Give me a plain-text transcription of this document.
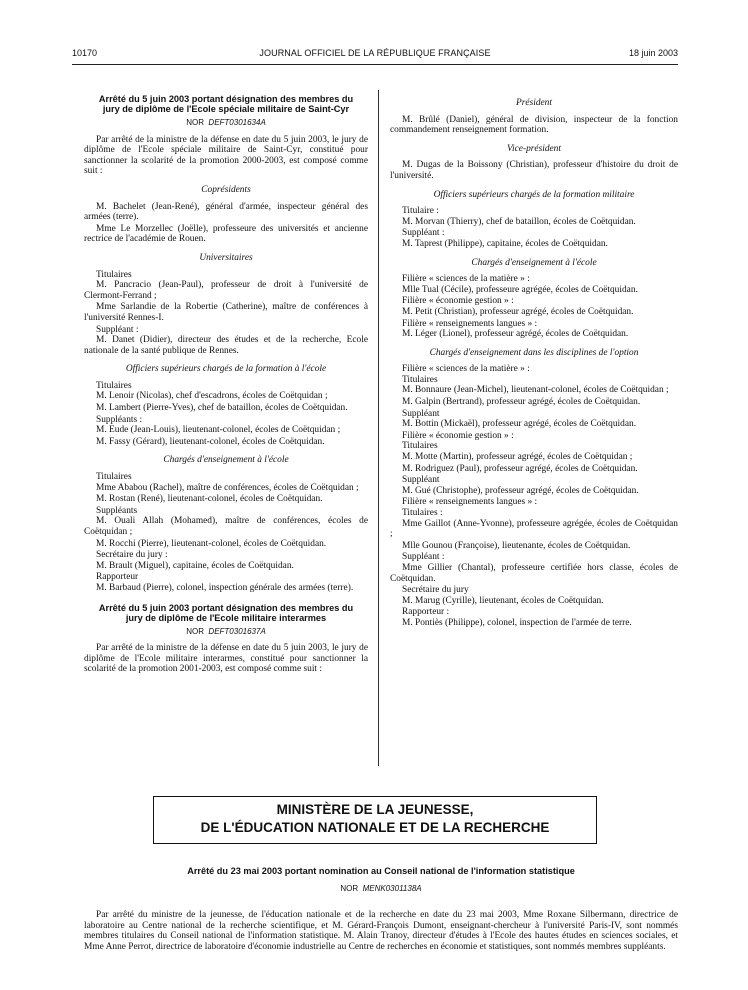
10170	JOURNAL OFFICIEL DE LA RÉPUBLIQUE FRANÇAISE	18 juin 2003
Arrêté du 5 juin 2003 portant désignation des membres du jury de diplôme de l'Ecole spéciale militaire de Saint-Cyr
NOR DEFT0301634A

Par arrêté de la ministre de la défense en date du 5 juin 2003, le jury de diplôme de l'Ecole spéciale militaire de Saint-Cyr, constitué pour sanctionner la scolarité de la promotion 2000-2003, est composé comme suit :

Coprésidents

M. Bachelet (Jean-René), général d'armée, inspecteur général des armées (terre).

Mme Le Morzellec (Joëlle), professeure des universités et ancienne rectrice de l'académie de Rouen.

Universitaires
Titulaires

M. Pancracio (Jean-Paul), professeur de droit à l'université de Clermont-Ferrand ;

Mme Sarlandie de la Robertie (Catherine), maître de conférences à l'université Rennes-I.

Suppléant :

M. Danet (Didier), directeur des études et de la recherche, Ecole nationale de la santé publique de Rennes.

Officiers supérieurs chargés de la formation à l'école
Titulaires

M. Lenoir (Nicolas), chef d'escadrons, écoles de Coëtquidan ;

M. Lambert (Pierre-Yves), chef de bataillon, écoles de Coëtquidan.

Suppléants :

M. Eude (Jean-Louis), lieutenant-colonel, écoles de Coëtquidan ;

M. Fassy (Gérard), lieutenant-colonel, écoles de Coëtquidan.

Chargés d'enseignement à l'école
Titulaires

Mme Ababou (Rachel), maître de conférences, écoles de Coëtquidan ;

M. Rostan (René), lieutenant-colonel, écoles de Coëtquidan.

Suppléants

M. Ouali Allah (Mohamed), maître de conférences, écoles de Coëtquidan ;

M. Rocchi (Pierre), lieutenant-colonel, écoles de Coëtquidan.

Secrétaire du jury :

M. Brault (Miguel), capitaine, écoles de Coëtquidan.

Rapporteur

M. Barbaud (Pierre), colonel, inspection générale des armées (terre).

Arrêté du 5 juin 2003 portant désignation des membres du jury de diplôme de l'Ecole militaire interarmes
NOR DEFT0301637A

Par arrêté de la ministre de la défense en date du 5 juin 2003, le jury de diplôme de l'Ecole militaire interarmes, constitué pour sanctionner la scolarité de la promotion 2001-2003, est composé comme suit :

Président

M. Brûlé (Daniel), général de division, inspecteur de la fonction commandement renseignement formation.

Vice-président

M. Dugas de la Boissony (Christian), professeur d'histoire du droit de l'université.

Officiers supérieurs chargés de la formation militaire
Titulaire :

M. Morvan (Thierry), chef de bataillon, écoles de Coëtquidan.

Suppléant :

M. Taprest (Philippe), capitaine, écoles de Coëtquidan.

Chargés d'enseignement à l'école
Filière « sciences de la matière » :

Mlle Tual (Cécile), professeure agrégée, écoles de Coëtquidan.

Filière « économie gestion » :

M. Petit (Christian), professeur agrégé, écoles de Coëtquidan.

Filière « renseignements langues » :

M. Léger (Lionel), professeur agrégé, écoles de Coëtquidan.

Chargés d'enseignement dans les disciplines de l'option
Filière « sciences de la matière » :
Titulaires

M. Bonnaure (Jean-Michel), lieutenant-colonel, écoles de Coëtquidan ;

M. Galpin (Bertrand), professeur agrégé, écoles de Coëtquidan.

Suppléant

M. Bottin (Mickaël), professeur agrégé, écoles de Coëtquidan.

Filière « économie gestion » :
Titulaires

M. Motte (Martin), professeur agrégé, écoles de Coëtquidan ;

M. Rodriguez (Paul), professeur agrégé, écoles de Coëtquidan.

Suppléant

M. Gué (Christophe), professeur agrégé, écoles de Coëtquidan.

Filière « renseignements langues » :
Titulaires :

Mme Gaillot (Anne-Yvonne), professeure agrégée, écoles de Coëtquidan ;

Mlle Gounou (Françoise), lieutenante, écoles de Coëtquidan.

Suppléant :

Mme Gillier (Chantal), professeure certifiée hors classe, écoles de Coëtquidan.

Secrétaire du jury

M. Marug (Cyrille), lieutenant, écoles de Coëtquidan.

Rapporteur :

M. Pontiès (Philippe), colonel, inspection de l'armée de terre.

MINISTÈRE DE LA JEUNESSE,
DE L'ÉDUCATION NATIONALE ET DE LA RECHERCHE
Arrêté du 23 mai 2003 portant nomination au Conseil national de l'information statistique
NOR MENK0301138A

Par arrêté du ministre de la jeunesse, de l'éducation nationale et de la recherche en date du 23 mai 2003, Mme Roxane Silbermann, directrice de laboratoire au Centre national de la recherche scientifique, et M. Gérard-François Dumont, enseignant-chercheur à l'université Paris-IV, sont nommés membres titulaires du Conseil national de l'information statistique. M. Alain Tranoy, directeur d'études à l'Ecole des hautes études en sciences sociales, et Mme Anne Perrot, directrice de laboratoire d'économie industrielle au Centre de recherches en économie et statistiques, sont nommés membres suppléants.
